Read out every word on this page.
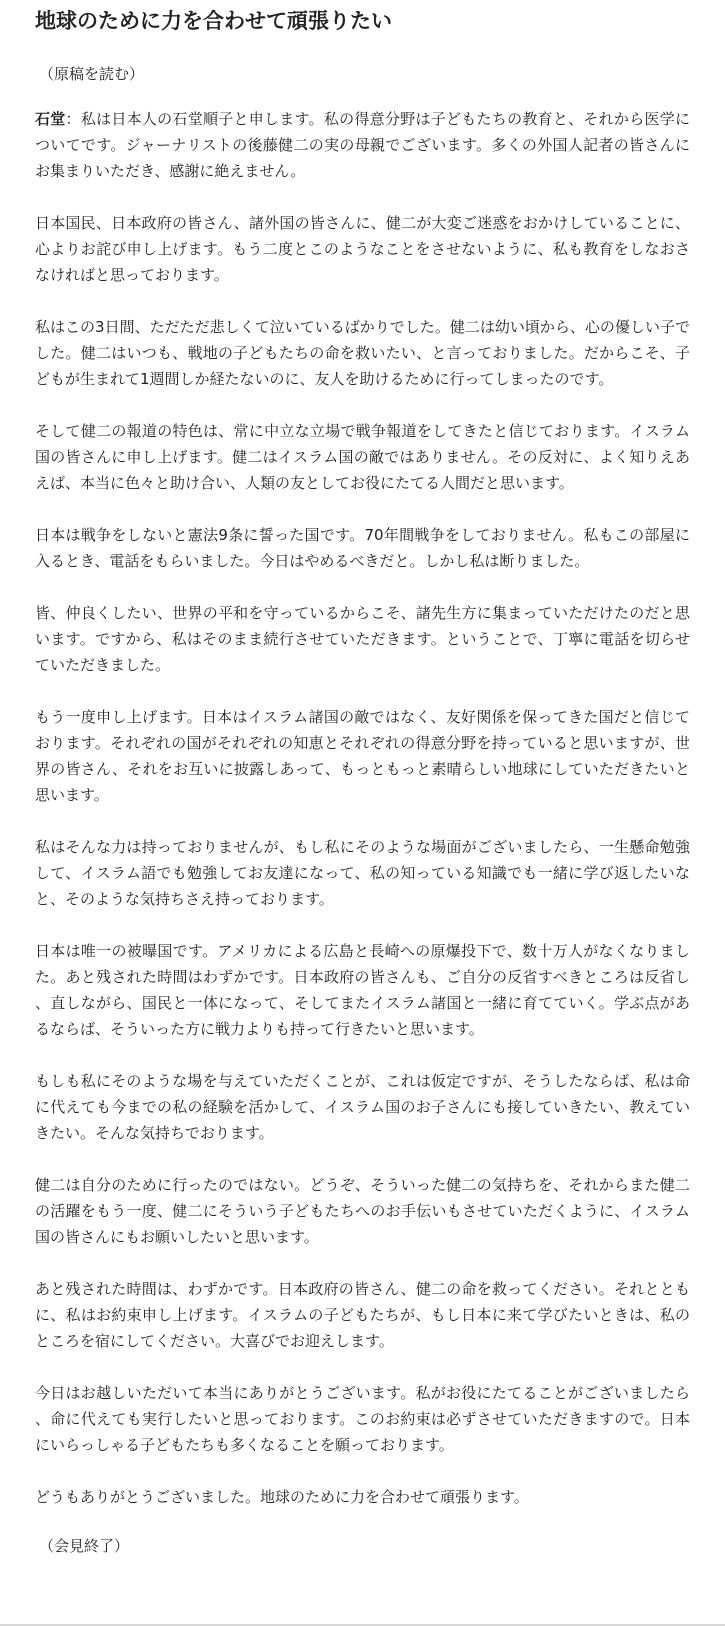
地球のために力を合わせて頑張りたい

（原稿を読む）

石堂：私は日本人の石堂順子と申します。私の得意分野は子どもたちの教育と、それから医学についてです。ジャーナリストの後藤健二の実の母親でございます。多くの外国人記者の皆さんにお集まりいただき、感謝に絶えません。

日本国民、日本政府の皆さん、諸外国の皆さんに、健二が大変ご迷惑をおかけしていることに、心よりお詫び申し上げます。もう二度とこのようなことをさせないように、私も教育をしなおさなければと思っております。

私はこの3日間、ただただ悲しくて泣いているばかりでした。健二は幼い頃から、心の優しい子でした。健二はいつも、戦地の子どもたちの命を救いたい、と言っておりました。だからこそ、子どもが生まれて1週間しか経たないのに、友人を助けるために行ってしまったのです。

そして健二の報道の特色は、常に中立な立場で戦争報道をしてきたと信じております。イスラム国の皆さんに申し上げます。健二はイスラム国の敵ではありません。その反対に、よく知りえあえば、本当に色々と助け合い、人類の友としてお役にたてる人間だと思います。

日本は戦争をしないと憲法9条に誓った国です。70年間戦争をしておりません。私もこの部屋に入るとき、電話をもらいました。今日はやめるべきだと。しかし私は断りました。

皆、仲良くしたい、世界の平和を守っているからこそ、諸先生方に集まっていただけたのだと思います。ですから、私はそのまま続行させていただきます。ということで、丁寧に電話を切らせていただきました。

もう一度申し上げます。日本はイスラム諸国の敵ではなく、友好関係を保ってきた国だと信じております。それぞれの国がそれぞれの知恵とそれぞれの得意分野を持っていると思いますが、世界の皆さん、それをお互いに披露しあって、もっともっと素晴らしい地球にしていただきたいと思います。

私はそんな力は持っておりませんが、もし私にそのような場面がございましたら、一生懸命勉強して、イスラム語でも勉強してお友達になって、私の知っている知識でも一緒に学び返したいなと、そのような気持ちさえ持っております。

日本は唯一の被曝国です。アメリカによる広島と長崎への原爆投下で、数十万人がなくなりました。あと残された時間はわずかです。日本政府の皆さんも、ご自分の反省すべきところは反省し、直しながら、国民と一体になって、そしてまたイスラム諸国と一緒に育てていく。学ぶ点があるならば、そういった方に戦力よりも持って行きたいと思います。

もしも私にそのような場を与えていただくことが、これは仮定ですが、そうしたならば、私は命に代えても今までの私の経験を活かして、イスラム国のお子さんにも接していきたい、教えていきたい。そんな気持ちでおります。

健二は自分のために行ったのではない。どうぞ、そういった健二の気持ちを、それからまた健二の活躍をもう一度、健二にそういう子どもたちへのお手伝いもさせていただくように、イスラム国の皆さんにもお願いしたいと思います。

あと残された時間は、わずかです。日本政府の皆さん、健二の命を救ってください。それとともに、私はお約束申し上げます。イスラムの子どもたちが、もし日本に来て学びたいときは、私のところを宿にしてください。大喜びでお迎えします。

今日はお越しいただいて本当にありがとうございます。私がお役にたてることがございましたら、命に代えても実行したいと思っております。このお約束は必ずさせていただきますので。日本にいらっしゃる子どもたちも多くなることを願っております。

どうもありがとうございました。地球のために力を合わせて頑張ります。

（会見終了）
